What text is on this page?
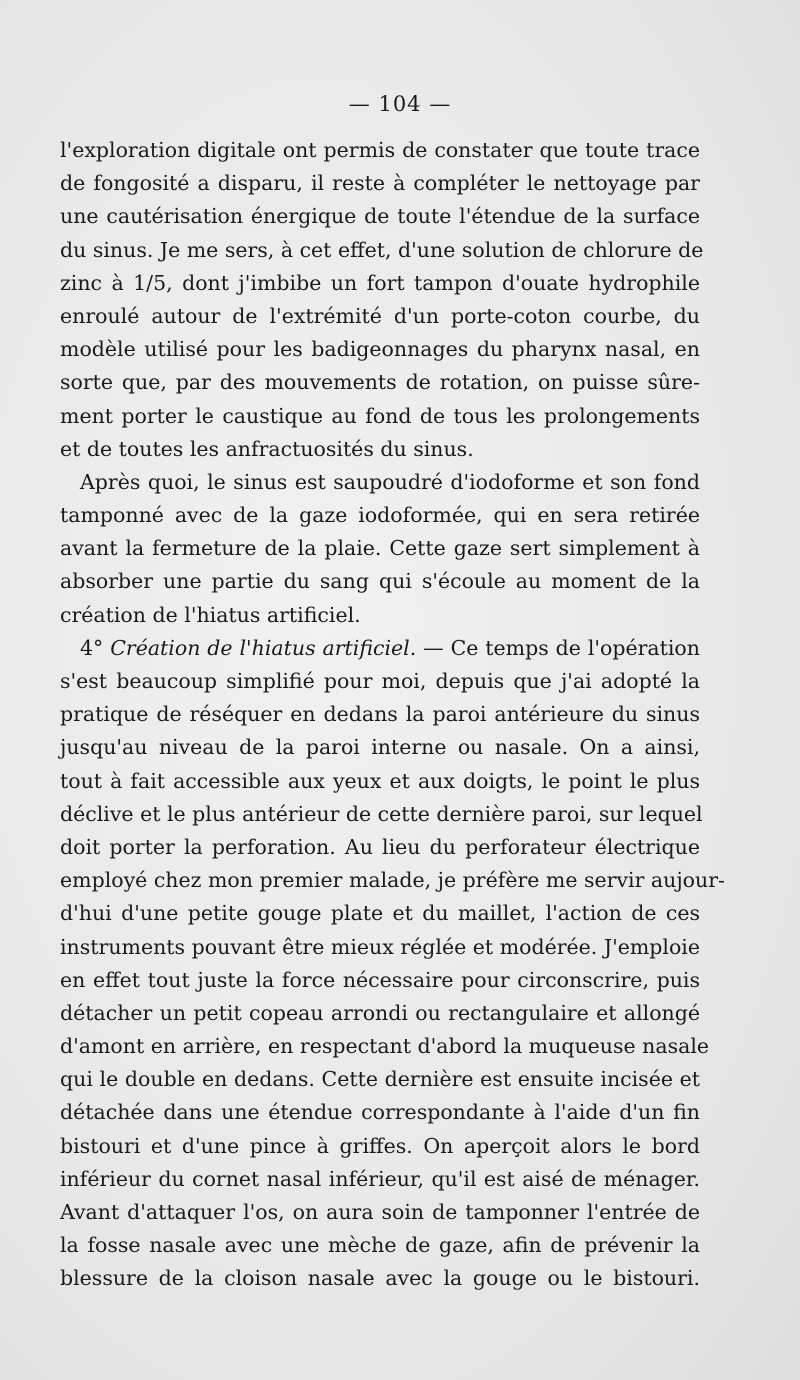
— 104 —
l'exploration digitale ont permis de constater que toute trace
de fongosité a disparu, il reste à compléter le nettoyage par
une cautérisation énergique de toute l'étendue de la surface
du sinus. Je me sers, à cet effet, d'une solution de chlorure de
zinc à 1/5, dont j'imbibe un fort tampon d'ouate hydrophile
enroulé autour de l'extrémité d'un porte-coton courbe, du
modèle utilisé pour les badigeonnages du pharynx nasal, en
sorte que, par des mouvements de rotation, on puisse sûre-
ment porter le caustique au fond de tous les prolongements
et de toutes les anfractuosités du sinus.
Après quoi, le sinus est saupoudré d'iodoforme et son fond
tamponné avec de la gaze iodoformée, qui en sera retirée
avant la fermeture de la plaie. Cette gaze sert simplement à
absorber une partie du sang qui s'écoule au moment de la
création de l'hiatus artificiel.
4° Création de l'hiatus artificiel. — Ce temps de l'opération
s'est beaucoup simplifié pour moi, depuis que j'ai adopté la
pratique de réséquer en dedans la paroi antérieure du sinus
jusqu'au niveau de la paroi interne ou nasale. On a ainsi,
tout à fait accessible aux yeux et aux doigts, le point le plus
déclive et le plus antérieur de cette dernière paroi, sur lequel
doit porter la perforation. Au lieu du perforateur électrique
employé chez mon premier malade, je préfère me servir aujour-
d'hui d'une petite gouge plate et du maillet, l'action de ces
instruments pouvant être mieux réglée et modérée. J'emploie
en effet tout juste la force nécessaire pour circonscrire, puis
détacher un petit copeau arrondi ou rectangulaire et allongé
d'amont en arrière, en respectant d'abord la muqueuse nasale
qui le double en dedans. Cette dernière est ensuite incisée et
détachée dans une étendue correspondante à l'aide d'un fin
bistouri et d'une pince à griffes. On aperçoit alors le bord
inférieur du cornet nasal inférieur, qu'il est aisé de ménager.
Avant d'attaquer l'os, on aura soin de tamponner l'entrée de
la fosse nasale avec une mèche de gaze, afin de prévenir la
blessure de la cloison nasale avec la gouge ou le bistouri.
